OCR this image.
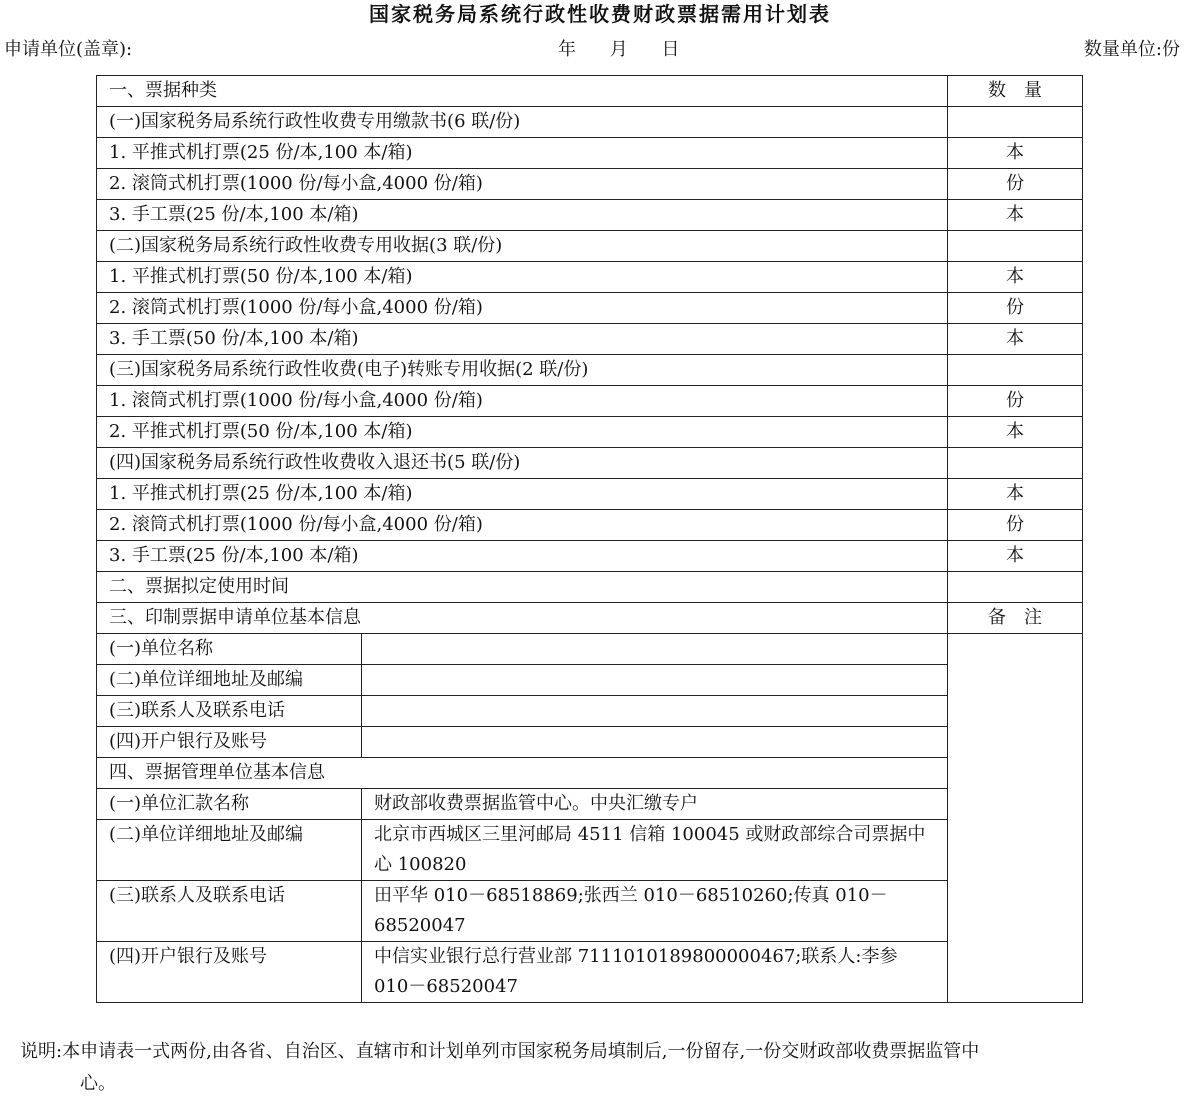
国家税务局系统行政性收费财政票据需用计划表
申请单位(盖章):	年 月 日	数量单位:份
一、票据种类		数　量
(一)国家税务局系统行政性收费专用缴款书(6 联/份)		
1. 平推式机打票(25 份/本,100 本/箱)		本
2. 滚筒式机打票(1000 份/每小盒,4000 份/箱)		份
3. 手工票(25 份/本,100 本/箱)		本
(二)国家税务局系统行政性收费专用收据(3 联/份)		
1. 平推式机打票(50 份/本,100 本/箱)		本
2. 滚筒式机打票(1000 份/每小盒,4000 份/箱)		份
3. 手工票(50 份/本,100 本/箱)		本
(三)国家税务局系统行政性收费(电子)转账专用收据(2 联/份)		
1. 滚筒式机打票(1000 份/每小盒,4000 份/箱)		份
2. 平推式机打票(50 份/本,100 本/箱)		本
(四)国家税务局系统行政性收费收入退还书(5 联/份)		
1. 平推式机打票(25 份/本,100 本/箱)		本
2. 滚筒式机打票(1000 份/每小盒,4000 份/箱)		份
3. 手工票(25 份/本,100 本/箱)		本
二、票据拟定使用时间		
三、印制票据申请单位基本信息		备　注
(一)单位名称		
(二)单位详细地址及邮编		
(三)联系人及联系电话		
(四)开户银行及账号		
四、票据管理单位基本信息		
(一)单位汇款名称	财政部收费票据监管中心。中央汇缴专户	
(二)单位详细地址及邮编	北京市西城区三里河邮局 4511 信箱 100045 或财政部综合司票据中心 100820	
(三)联系人及联系电话	田平华 010－68518869;张西兰 010－68510260;传真 010－68520047	
(四)开户银行及账号	中信实业银行总行营业部 7111010189800000467;联系人:李参 010－68520047	
说明:本申请表一式两份,由各省、自治区、直辖市和计划单列市国家税务局填制后,一份留存,一份交财政部收费票据监管中
心。
